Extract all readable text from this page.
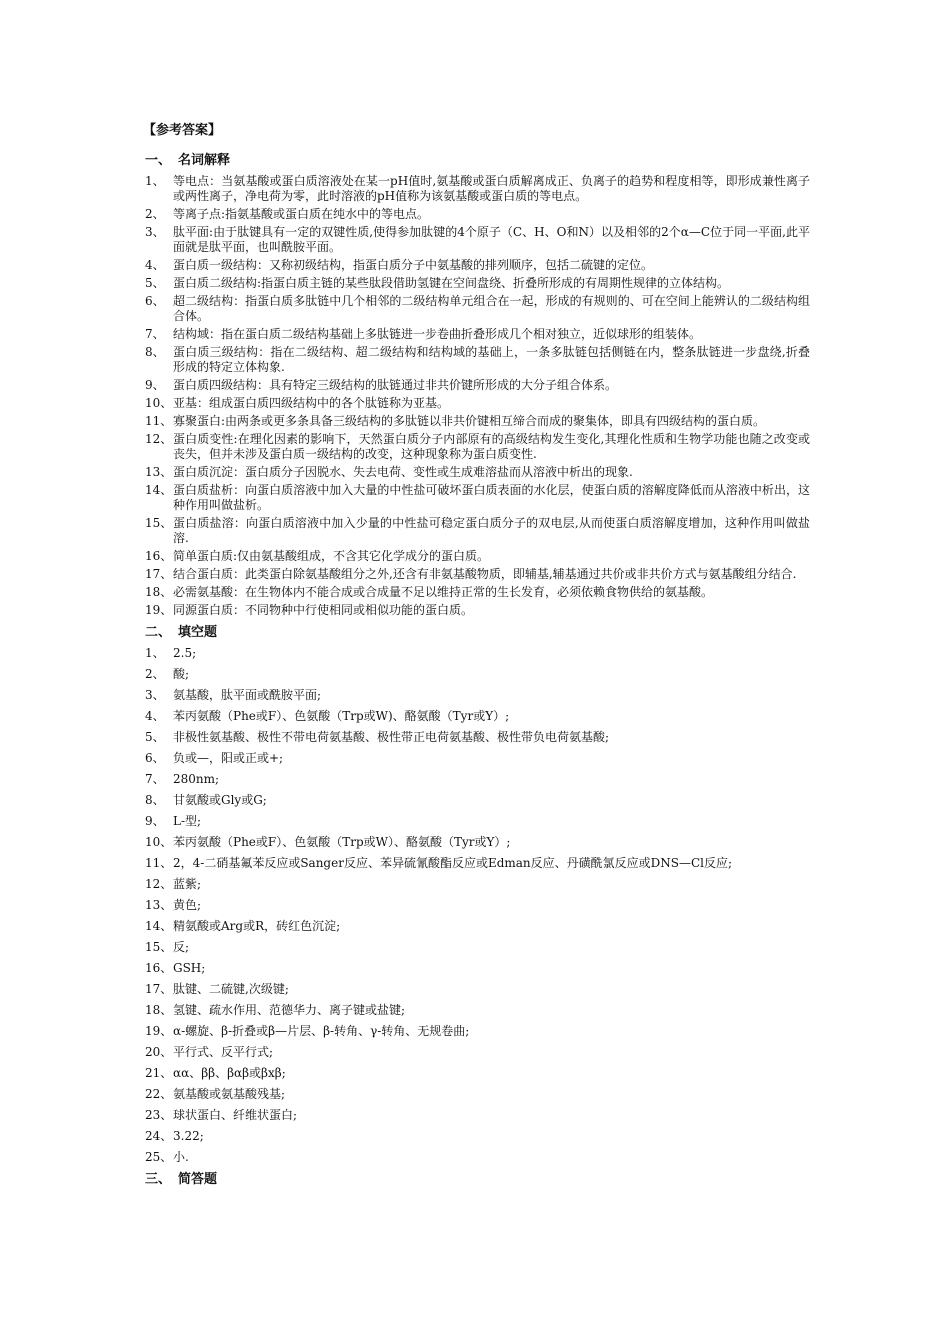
【参考答案】
一、 名词解释
1、 等电点：当氨基酸或蛋白质溶液处在某一pH值时,氨基酸或蛋白质解离成正、负离子的趋势和程度相等，即形成兼性离子或两性离子，净电荷为零，此时溶液的pH值称为该氨基酸或蛋白质的等电点。
2、 等离子点:指氨基酸或蛋白质在纯水中的等电点。
3、 肽平面:由于肽键具有一定的双键性质,使得参加肽键的4个原子（C、H、O和N）以及相邻的2个α—C位于同一平面,此平面就是肽平面，也叫酰胺平面。
4、 蛋白质一级结构：又称初级结构，指蛋白质分子中氨基酸的排列顺序，包括二硫键的定位。
5、 蛋白质二级结构:指蛋白质主链的某些肽段借助氢键在空间盘绕、折叠所形成的有周期性规律的立体结构。
6、 超二级结构：指蛋白质多肽链中几个相邻的二级结构单元组合在一起，形成的有规则的、可在空间上能辨认的二级结构组合体。
7、 结构域：指在蛋白质二级结构基础上多肽链进一步卷曲折叠形成几个相对独立，近似球形的组装体。
8、 蛋白质三级结构：指在二级结构、超二级结构和结构域的基础上，一条多肽链包括侧链在内，整条肽链进一步盘绕,折叠形成的特定立体构象.
9、 蛋白质四级结构：具有特定三级结构的肽链通过非共价键所形成的大分子组合体系。
10、 亚基：组成蛋白质四级结构中的各个肽链称为亚基。
11、 寡聚蛋白:由两条或更多条具备三级结构的多肽链以非共价键相互缔合而成的聚集体，即具有四级结构的蛋白质。
12、 蛋白质变性:在理化因素的影响下，天然蛋白质分子内部原有的高级结构发生变化,其理化性质和生物学功能也随之改变或丧失，但并未涉及蛋白质一级结构的改变，这种现象称为蛋白质变性.
13、 蛋白质沉淀：蛋白质分子因脱水、失去电荷、变性或生成难溶盐而从溶液中析出的现象.
14、 蛋白质盐析：向蛋白质溶液中加入大量的中性盐可破坏蛋白质表面的水化层，使蛋白质的溶解度降低而从溶液中析出，这种作用叫做盐析。
15、 蛋白质盐溶：向蛋白质溶液中加入少量的中性盐可稳定蛋白质分子的双电层,从而使蛋白质溶解度增加，这种作用叫做盐溶.
16、 简单蛋白质:仅由氨基酸组成，不含其它化学成分的蛋白质。
17、 结合蛋白质：此类蛋白除氨基酸组分之外,还含有非氨基酸物质，即辅基,辅基通过共价或非共价方式与氨基酸组分结合.
18、 必需氨基酸：在生物体内不能合成或合成量不足以维持正常的生长发育，必须依赖食物供给的氨基酸。
19、 同源蛋白质：不同物种中行使相同或相似功能的蛋白质。
二、 填空题
1、 2.5;
2、 酸;
3、 氨基酸，肽平面或酰胺平面;
4、 苯丙氨酸（Phe或F）、色氨酸（Trp或W)、酪氨酸（Tyr或Y）;
5、 非极性氨基酸、极性不带电荷氨基酸、极性带正电荷氨基酸、极性带负电荷氨基酸;
6、 负或—，阳或正或+;
7、 280nm;
8、 甘氨酸或Gly或G;
9、 L-型;
10、 苯丙氨酸（Phe或F）、色氨酸（Trp或W）、酪氨酸（Tyr或Y）;
11、 2，4-二硝基氟苯反应或Sanger反应、苯异硫氰酸酯反应或Edman反应、丹磺酰氯反应或DNS—Cl反应;
12、 蓝紫;
13、 黄色;
14、 精氨酸或Arg或R，砖红色沉淀;
15、 反;
16、 GSH;
17、 肽键、二硫键,次级键;
18、 氢键、疏水作用、范德华力、离子键或盐键;
19、 α-螺旋、β-折叠或β—片层、β-转角、γ-转角、无规卷曲;
20、 平行式、反平行式;
21、 αα、ββ、βαβ或βxβ;
22、 氨基酸或氨基酸残基;
23、 球状蛋白、纤维状蛋白;
24、 3.22;
25、 小.
三、 简答题
